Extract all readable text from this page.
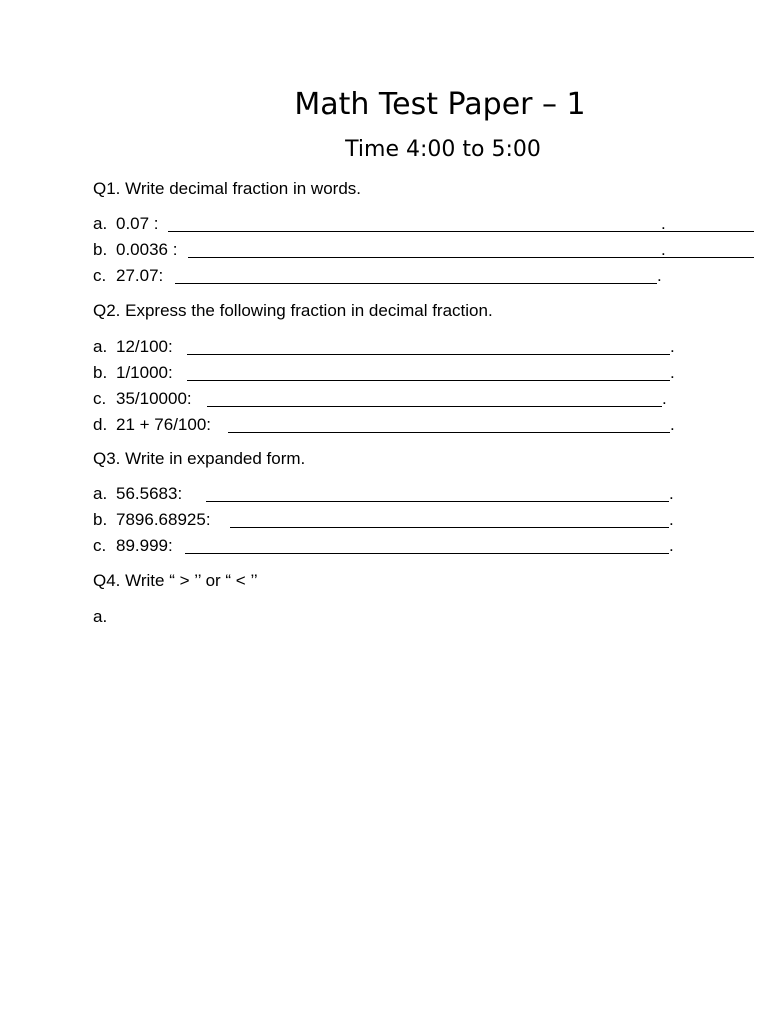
Math Test Paper – 1
Time 4:00 to 5:00
Q1. Write decimal fraction in words.
a. 0.07 :	.
b. 0.0036 :	.
c. 27.07:	.
Q2. Express the following fraction in decimal fraction.
a. 12/100:	.
b. 1/1000:	.
c. 35/10000:	.
d. 21 + 76/100:	.
Q3. Write in expanded form.
a. 56.5683:	.
b. 7896.68925:	.
c. 89.999:	.
Q4. Write “ > ’’ or “ < ’’
a.
